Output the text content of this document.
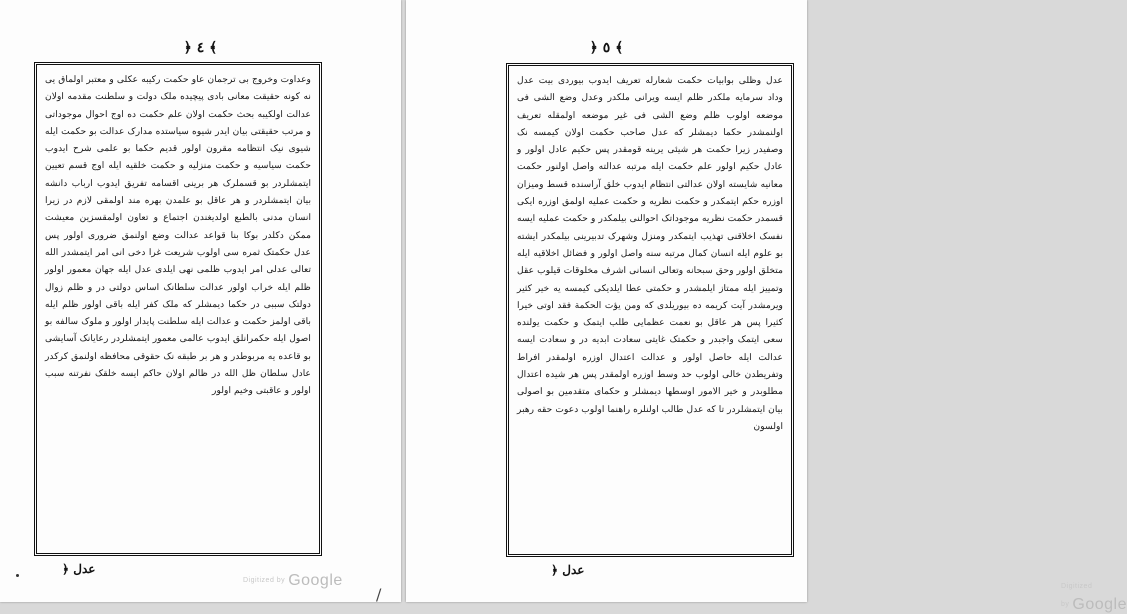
﴿ ٤ ﴾

وعداوت وخروج بی ترجمان عاو حکمت رکیبه عکلی و معتبر اولماق یی نه کونه حقیقت معانی بادی پیچیده ملک دولت و سلطنت مقدمه اولان عدالت اولکیبه بحث حکمت اولان علم حکمت ده اوج احوال موجوداتی و مرتب حقیقتی بیان ایدر شیوه سیاستده مدارک عدالت بو حکمت ایله شیوی نیک انتظامه مقرون اولور قدیم حکما بو علمی شرح ایدوب حکمت سیاسیه و حکمت منزلیه و حکمت خلقیه ایله اوج قسم تعیین ایتمشلردر بو قسملرک هر برینی اقسامه تفریق ایدوب ارباب دانشه بیان ایتمشلردر و هر عاقل بو علمدن بهره مند اولمقی لازم در زیرا انسان مدنی بالطبع اولدیغندن اجتماع و تعاون اولمقسزین معیشت ممکن دکلدر بوکا بنا قواعد عدالت وضع اولنمق ضروری اولور پس عدل حکمتک ثمره سی اولوب شریعت غرا دخی انی امر ایتمشدر الله تعالی عدلی امر ایدوب ظلمی نهی ایلدی عدل ایله جهان معمور اولور ظلم ایله خراب اولور عدالت سلطانک اساس دولتی در و ظلم زوال دولتک سببی در حکما دیمشلر که ملک کفر ایله باقی اولور ظلم ایله باقی اولمز حکمت و عدالت ایله سلطنت پایدار اولور و ملوک سالفه بو اصول ایله حکمرانلق ایدوب عالمی معمور ایتمشلردر رعایانک آسایشی بو قاعده یه مربوطدر و هر بر طبقه نک حقوقی محافظه اولنمق کرکدر عادل سلطان ظل الله در ظالم اولان حاکم ایسه خلقک نفرتنه سبب اولور و عاقبتی وخیم اولور

عدل ﴿
Digitized by Google
/
﴿ ٥ ﴾

عدل وظلی بوابیات حکمت شعارله تعریف ایدوب بیوردی بیت عدل وداد سرمایه ملکدر ظلم ایسه ویرانی ملکدر وعدل وضع الشی فی موضعه اولوب ظلم وضع الشی فی غیر موضعه اولمقله تعریف اولنمشدر حکما دیمشلر که عدل صاحب حکمت اولان کیمسه نک وصفیدر زیرا حکمت هر شیئی یرینه قومقدر پس حکیم عادل اولور و عادل حکیم اولور علم حکمت ایله مرتبه عدالته واصل اولنور حکمت معانیه شایسته اولان عدالتی انتظام ایدوب خلق آراسنده قسط ومیزان اوزره حکم ایتمکدر و حکمت نظریه و حکمت عملیه اولمق اوزره ایکی قسمدر حکمت نظریه موجوداتک احوالنی بیلمکدر و حکمت عملیه ایسه نفسک اخلاقنی تهذیب ایتمکدر ومنزل وشهرک تدبیرینی بیلمکدر ایشته بو علوم ایله انسان کمال مرتبه سنه واصل اولور و فضائل اخلاقیه ایله متخلق اولور وحق سبحانه وتعالی انسانی اشرف مخلوقات قیلوب عقل وتمییز ایله ممتاز ایلمشدر و حکمتی عطا ایلدیکی کیمسه یه خیر کثیر ویرمشدر آیت کریمه ده بیوریلدی که ومن یؤت الحکمة فقد اوتی خیرا کثیرا پس هر عاقل بو نعمت عظمایی طلب ایتمک و حکمت یولنده سعی ایتمک واجبدر و حکمتک غایتی سعادت ابدیه در و سعادت ایسه عدالت ایله حاصل اولور و عدالت اعتدال اوزره اولمقدر افراط وتفریطدن خالی اولوب حد وسط اوزره اولمقدر پس هر شیده اعتدال مطلوبدر و خیر الامور اوسطها دیمشلر و حکمای متقدمین بو اصولی بیان ایتمشلردر تا که عدل طالب اولنلره راهنما اولوب دعوت حقه رهبر اولسون

عدل ﴿
Digitized by Google
